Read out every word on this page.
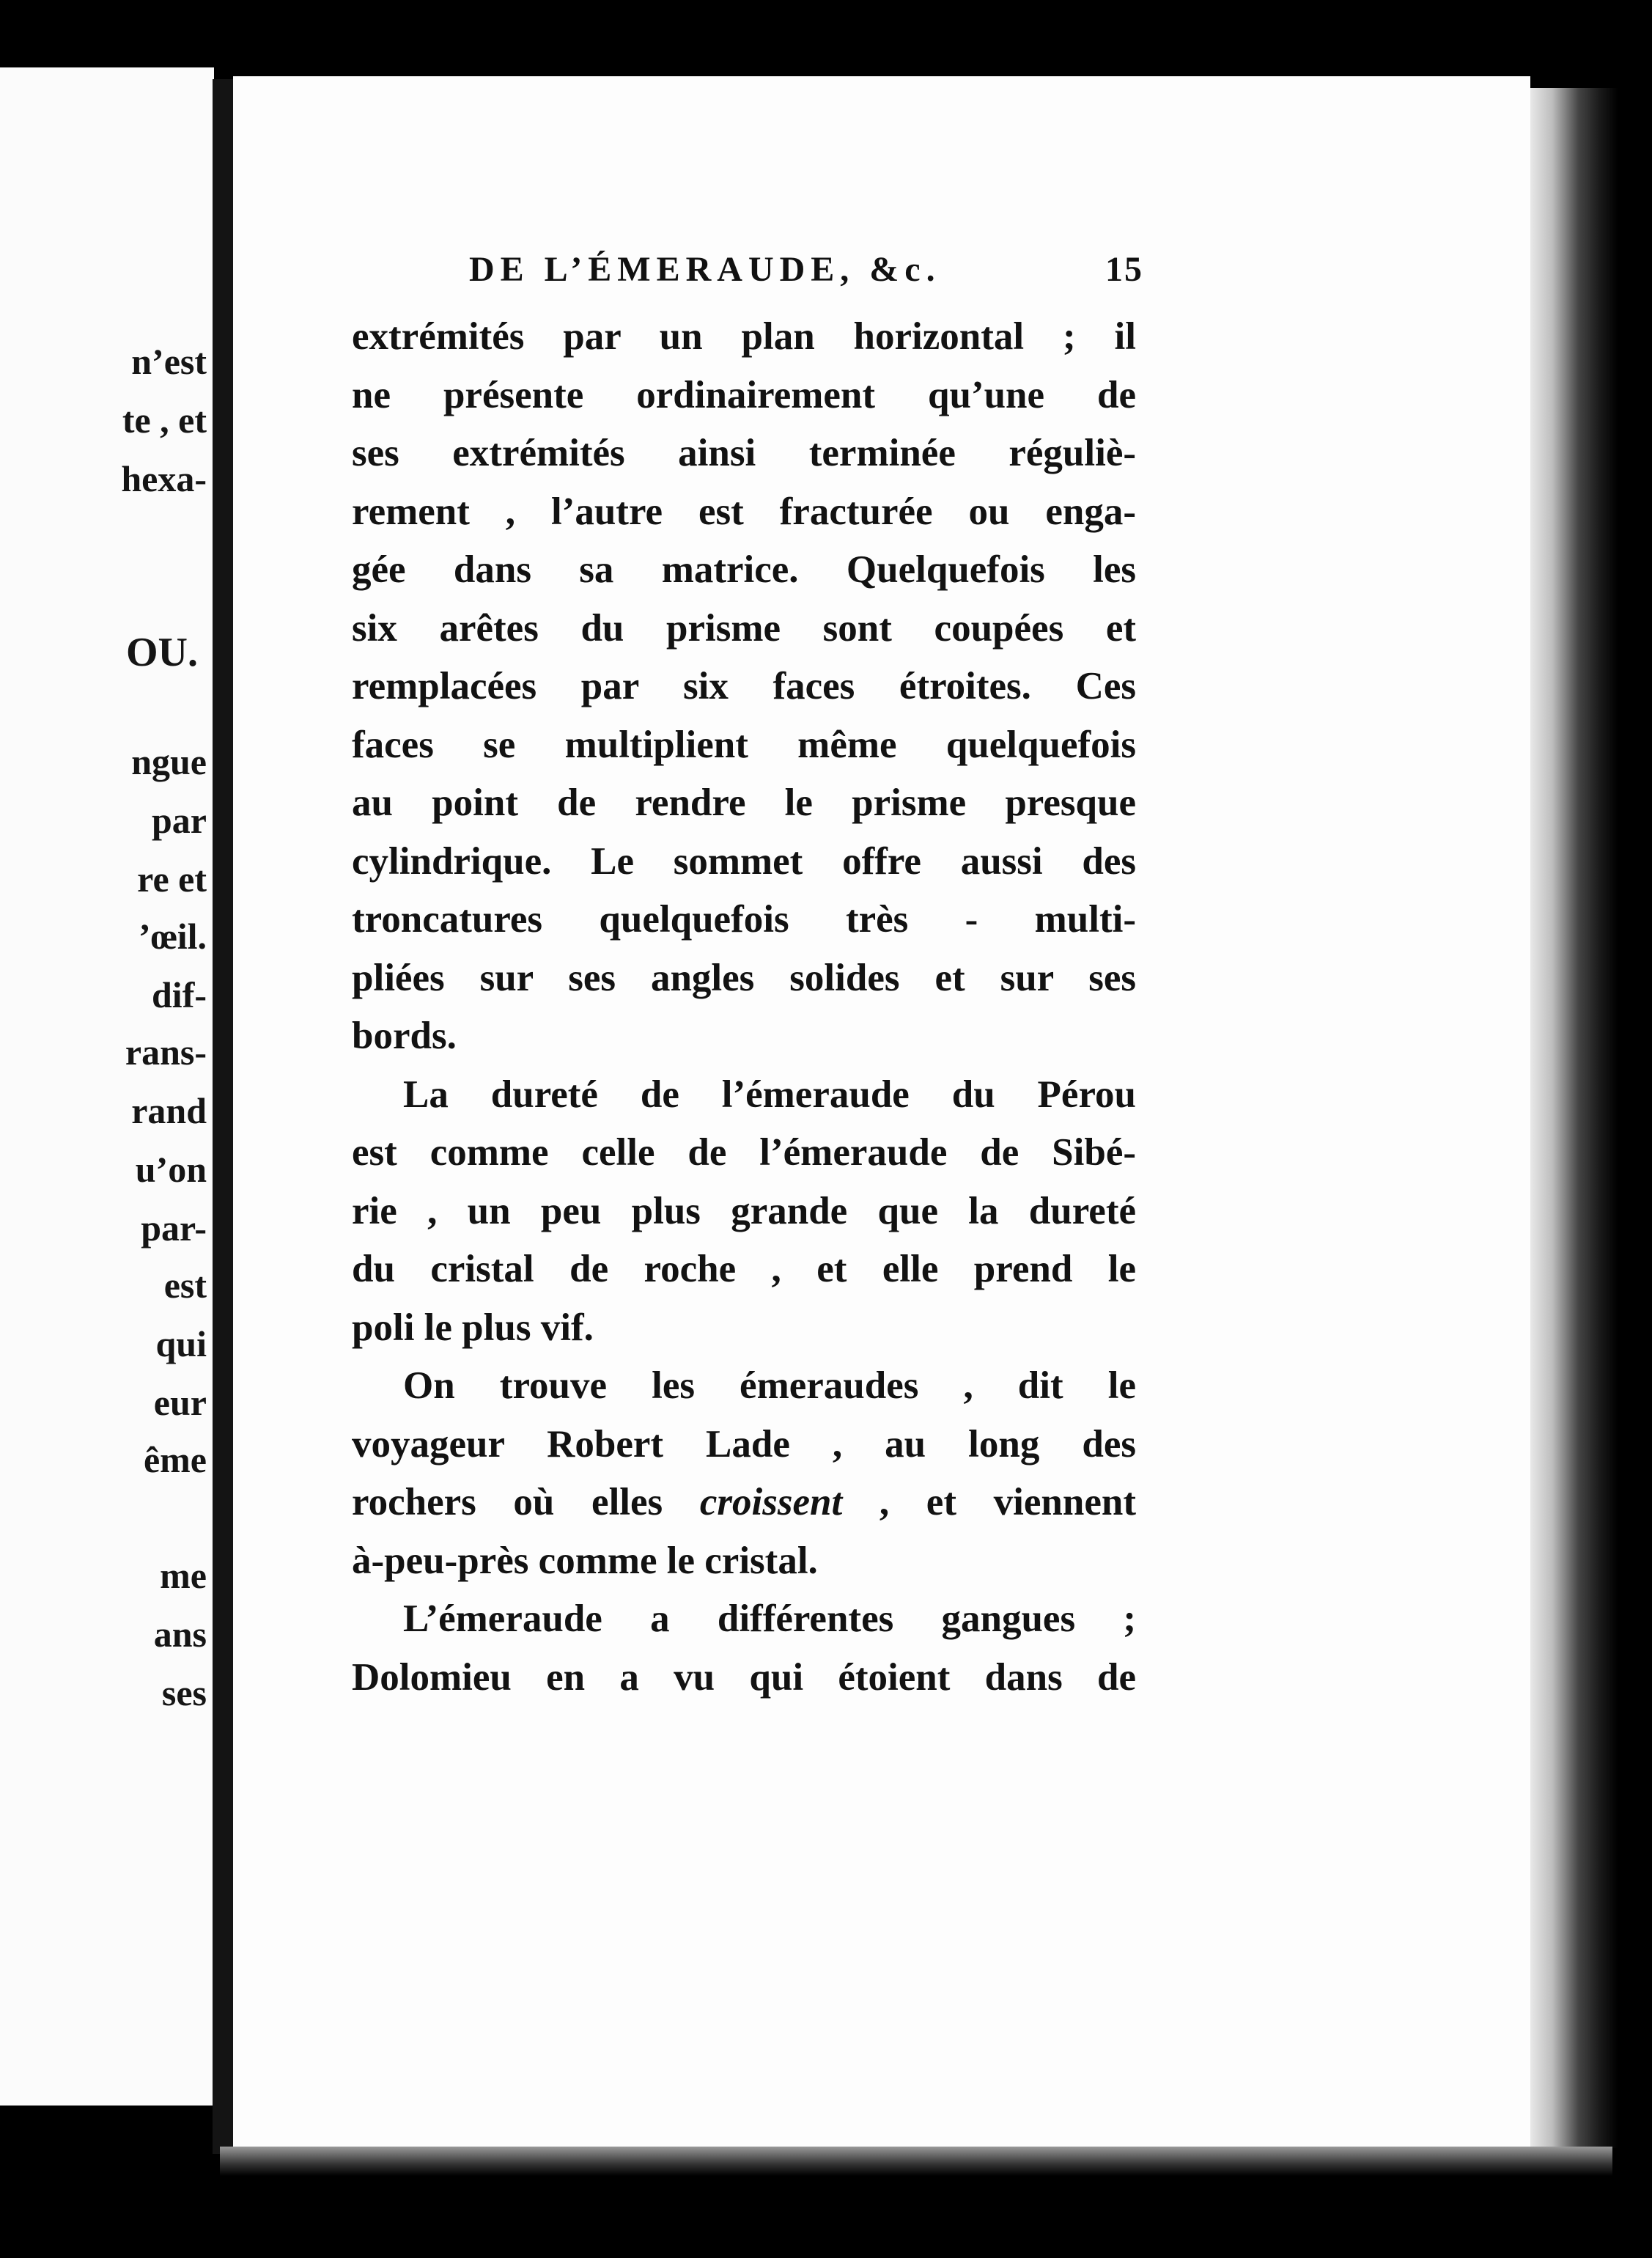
n’est
te , et
hexa-
OU.
ngue
par
re et
’œil.
dif-
rans-
rand
u’on
par-
est
qui
eur
ême
me
ans
ses
DE L’ÉMERAUDE, &c.	15
extrémités par un plan horizontal ; il
ne présente ordinairement qu’une de
ses extrémités ainsi terminée réguliè-
rement , l’autre est fracturée ou enga-
gée dans sa matrice. Quelquefois les
six arêtes du prisme sont coupées et
remplacées par six faces étroites. Ces
faces se multiplient même quelquefois
au point de rendre le prisme presque
cylindrique. Le sommet offre aussi des
troncatures quelquefois très - multi-
pliées sur ses angles solides et sur ses
bords.
La dureté de l’émeraude du Pérou
est comme celle de l’émeraude de Sibé-
rie , un peu plus grande que la dureté
du cristal de roche , et elle prend le
poli le plus vif.
On trouve les émeraudes , dit le
voyageur Robert Lade , au long des
rochers où elles croissent , et viennent
à-peu-près comme le cristal.
L’émeraude a différentes gangues ;
Dolomieu en a vu qui étoient dans de
